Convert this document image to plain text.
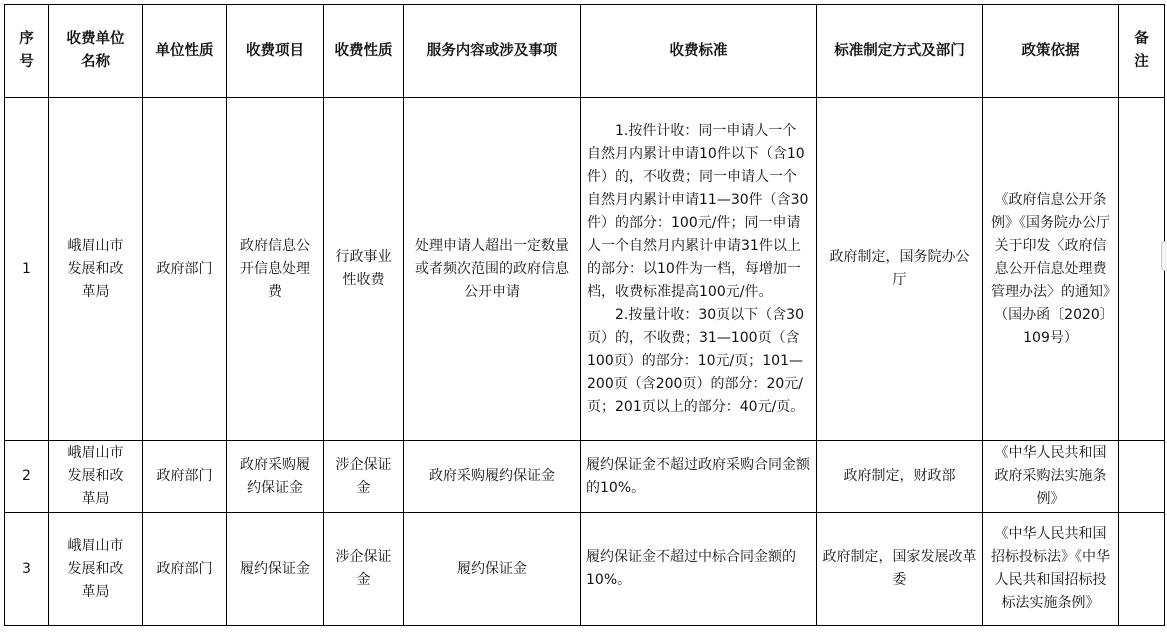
序号	收费单位名称	单位性质	收费项目	收费性质	服务内容或涉及事项	收费标准	标准制定方式及部门	政策依据	备注
1	峨眉山市发展和改革局	政府部门	政府信息公开信息处理费	行政事业性收费	处理申请人超出一定数量或者频次范围的政府信息公开申请	1.按件计收：同一申请人一个自然月内累计申请10件以下（含10件）的，不收费；同一申请人一个自然月内累计申请11—30件（含30件）的部分：100元/件；同一申请人一个自然月内累计申请31件以上的部分：以10件为一档，每增加一档，收费标准提高100元/件。
2.按量计收：30页以下（含30页）的，不收费；31—100页（含100页）的部分：10元/页；101—200页（含200页）的部分：20元/页；201页以上的部分：40元/页。	政府制定，国务院办公厅	《政府信息公开条例》《国务院办公厅关于印发〈政府信息公开信息处理费管理办法〉的通知》（国办函〔2020〕109号）	
2	峨眉山市发展和改革局	政府部门	政府采购履约保证金	涉企保证金	政府采购履约保证金	履约保证金不超过政府采购合同金额的10%。	政府制定，财政部	《中华人民共和国政府采购法实施条例》	
3	峨眉山市发展和改革局	政府部门	履约保证金	涉企保证金	履约保证金	履约保证金不超过中标合同金额的10%。	政府制定，国家发展改革委	《中华人民共和国招标投标法》《中华人民共和国招标投标法实施条例》	
